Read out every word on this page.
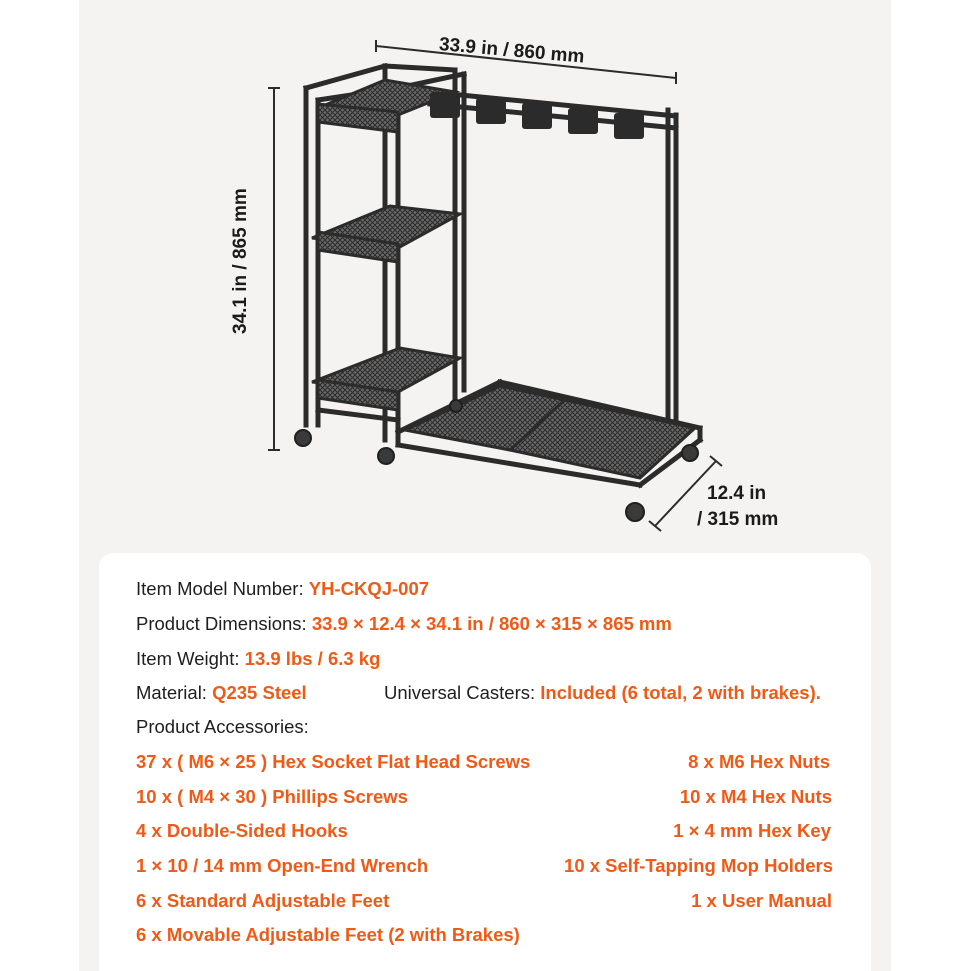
33.9 in / 860 mm
34.1 in / 865 mm
12.4 in
/ 315 mm
Item Model Number: YH-CKQJ-007
Product Dimensions: 33.9 × 12.4 × 34.1 in / 860 × 315 × 865 mm
Item Weight: 13.9 lbs / 6.3 kg
Material: Q235 Steel	Universal Casters: Included (6 total, 2 with brakes).
Product Accessories:
37 x ( M6 × 25 ) Hex Socket Flat Head Screws
10 x ( M4 × 30 ) Phillips Screws
4 x Double-Sided Hooks
1 × 10 / 14 mm Open-End Wrench
6 x Standard Adjustable Feet
6 x Movable Adjustable Feet (2 with Brakes)
8 x M6 Hex Nuts
10 x M4 Hex Nuts
1 × 4 mm Hex Key
10 x Self-Tapping Mop Holders
1 x User Manual
